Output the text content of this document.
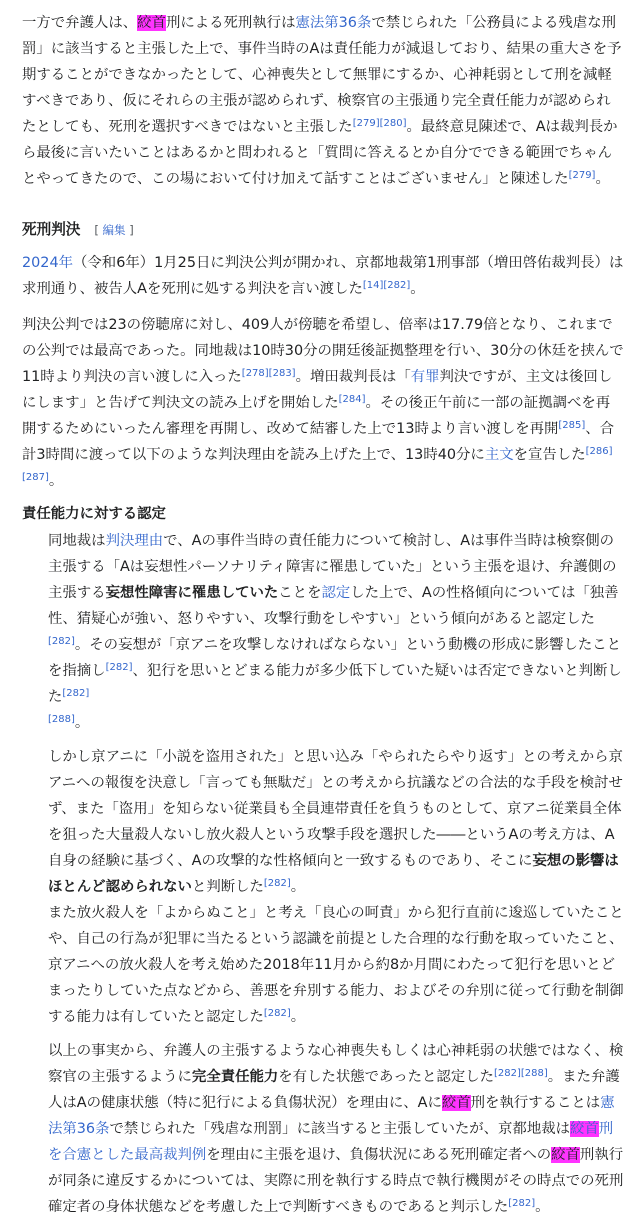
一方で弁護人は、絞首刑による死刑執行は憲法第36条で禁じられた「公務員による残虐な刑罰」に該当すると主張した上で、事件当時のAは責任能力が減退しており、結果の重大さを予期することができなかったとして、心神喪失として無罪にするか、心神耗弱として刑を減軽すべきであり、仮にそれらの主張が認められず、検察官の主張通り完全責任能力が認められたとしても、死刑を選択すべきではないと主張した[279][280]。最終意見陳述で、Aは裁判長から最後に言いたいことはあるかと問われると「質問に答えるとか自分でできる範囲でちゃんとやってきたので、この場において付け加えて話すことはございません」と陳述した[279]。

死刑判決 [ 編集 ]

2024年（令和6年）1月25日に判決公判が開かれ、京都地裁第1刑事部（増田啓佑裁判長）は求刑通り、被告人Aを死刑に処する判決を言い渡した[14][282]。

判決公判では23の傍聴席に対し、409人が傍聴を希望し、倍率は17.79倍となり、これまでの公判では最高であった。同地裁は10時30分の開廷後証拠整理を行い、30分の休廷を挟んで11時より判決の言い渡しに入った[278][283]。増田裁判長は「有罪判決ですが、主文は後回しにします」と告げて判決文の読み上げを開始した[284]。その後正午前に一部の証拠調べを再開するためにいったん審理を再開し、改めて結審した上で13時より言い渡しを再開[285]、合計3時間に渡って以下のような判決理由を読み上げた上で、13時40分に主文を宣告した[286][287]。

責任能力に対する認定

同地裁は判決理由で、Aの事件当時の責任能力について検討し、Aは事件当時は検察側の主張する「Aは妄想性パーソナリティ障害に罹患していた」という主張を退け、弁護側の主張する妄想性障害に罹患していたことを認定した上で、Aの性格傾向については「独善性、猜疑心が強い、怒りやすい、攻撃行動をしやすい」という傾向があると認定した[282]。その妄想が「京アニを攻撃しなければならない」という動機の形成に影響したことを指摘し[282]、犯行を思いとどまる能力が多少低下していた疑いは否定できないと判断した[282]
[288]。

しかし京アニに「小説を盗用された」と思い込み「やられたらやり返す」との考えから京アニへの報復を決意し「言っても無駄だ」との考えから抗議などの合法的な手段を検討せず、また「盗用」を知らない従業員も全員連帯責任を負うものとして、京アニ従業員全体を狙った大量殺人ないし放火殺人という攻撃手段を選択した――というAの考え方は、A自身の経験に基づく、Aの攻撃的な性格傾向と一致するものであり、そこに妄想の影響はほとんど認められないと判断した[282]。

また放火殺人を「よからぬこと」と考え「良心の呵責」から犯行直前に逡巡していたことや、自己の行為が犯罪に当たるという認識を前提とした合理的な行動を取っていたこと、京アニへの放火殺人を考え始めた2018年11月から約8か月間にわたって犯行を思いとどまったりしていた点などから、善悪を弁別する能力、およびその弁別に従って行動を制御する能力は有していたと認定した[282]。

以上の事実から、弁護人の主張するような心神喪失もしくは心神耗弱の状態ではなく、検察官の主張するように完全責任能力を有した状態であったと認定した[282][288]。また弁護人はAの健康状態（特に犯行による負傷状況）を理由に、Aに絞首刑を執行することは憲法第36条で禁じられた「残虐な刑罰」に該当すると主張していたが、京都地裁は絞首刑を合憲とした最高裁判例を理由に主張を退け、負傷状況にある死刑確定者への絞首刑執行が同条に違反するかについては、実際に刑を執行する時点で執行機関がその時点での死刑確定者の身体状態などを考慮した上で判断すべきものであると判示した[282]。
